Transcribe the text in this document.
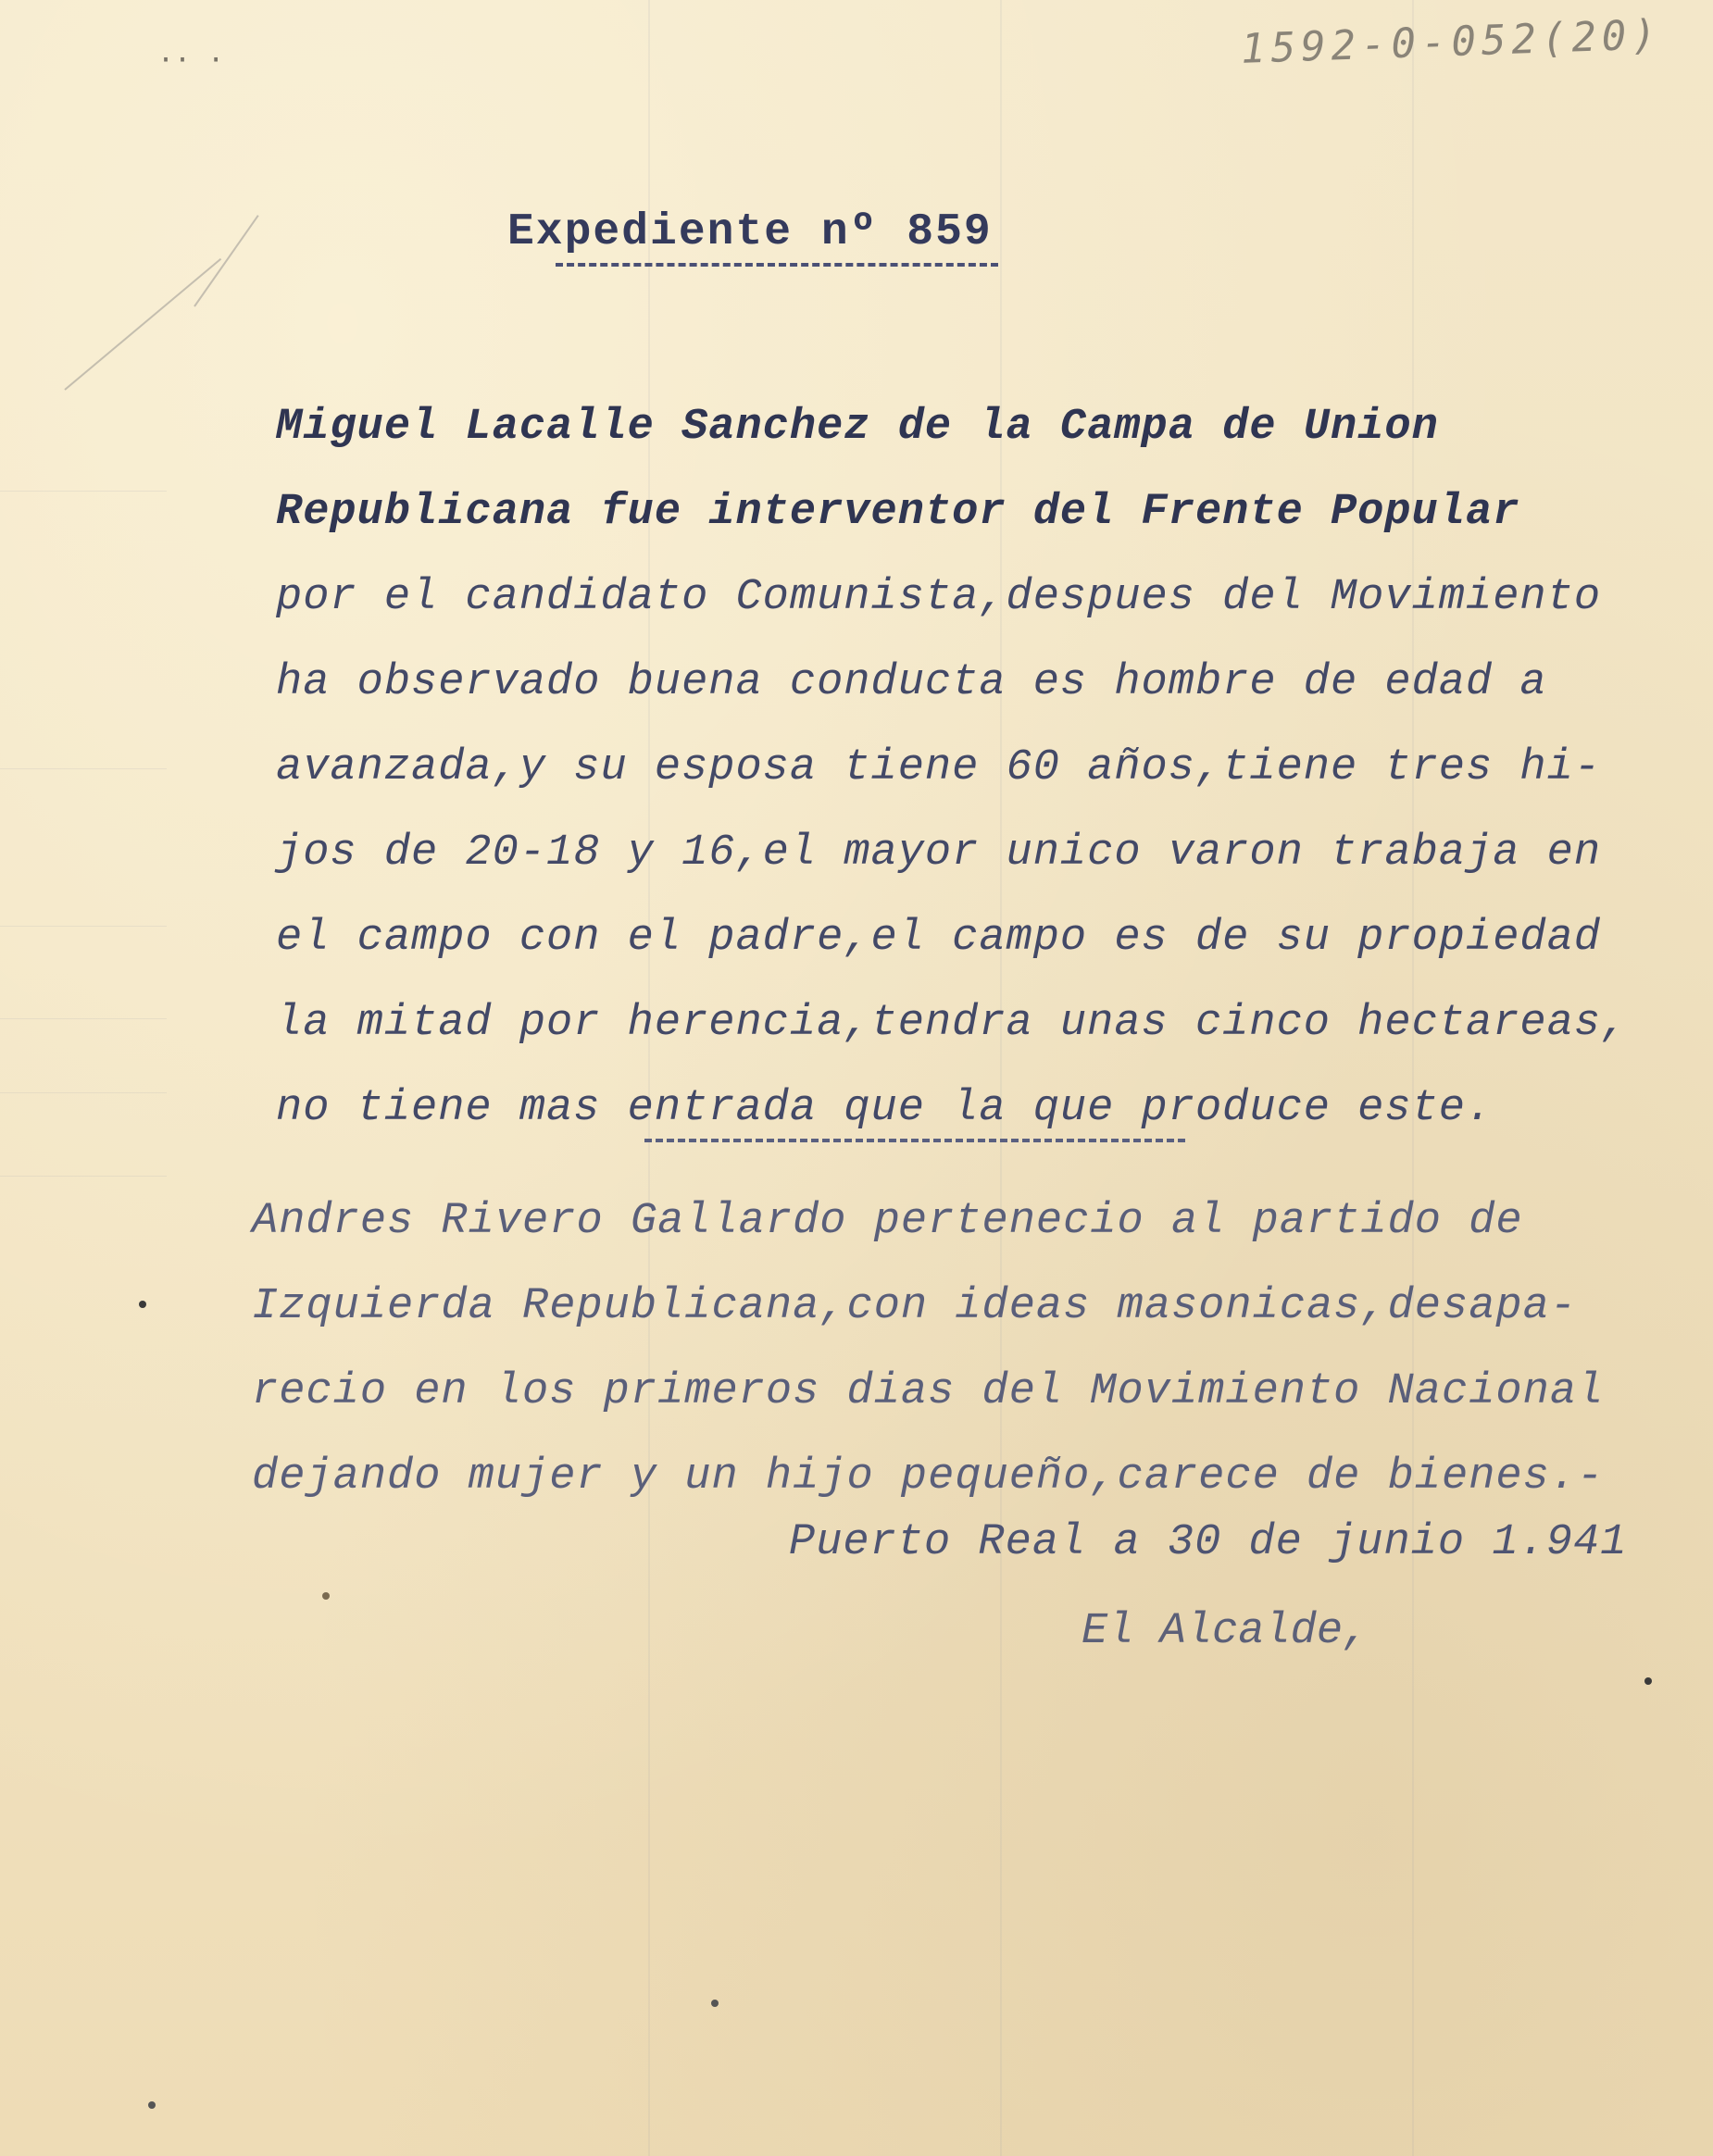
·· ·	1592-0-052(20)
Expediente nº 859
Miguel Lacalle Sanchez de la Campa de Union
Republicana fue interventor del Frente Popular
por el candidato Comunista,despues del Movimiento
ha observado buena conducta es hombre de edad a
avanzada,y su esposa tiene 60 años,tiene tres hi-
jos de 20-18 y 16,el mayor unico varon trabaja en
el campo con el padre,el campo es de su propiedad
la mitad por herencia,tendra unas cinco hectareas,
no tiene mas entrada que la que produce este.
Andres Rivero Gallardo pertenecio al partido de
Izquierda Republicana,con ideas masonicas,desapa-
recio en los primeros dias del Movimiento Nacional
dejando mujer y un hijo pequeño,carece de bienes.-
Puerto Real a 30 de junio 1.941
El Alcalde,
